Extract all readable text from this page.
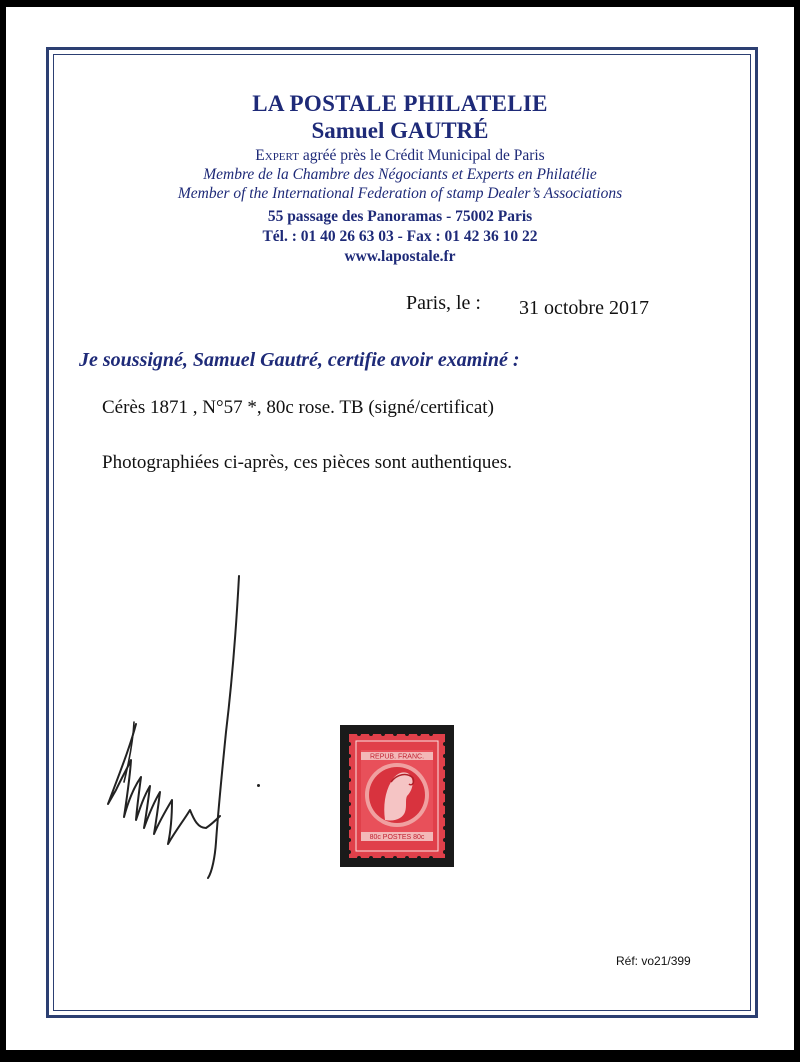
LA POSTALE PHILATELIE
Samuel GAUTRÉ
Expert agréé près le Crédit Municipal de Paris
Membre de la Chambre des Négociants et Experts en Philatélie
Member of the International Federation of stamp Dealer’s Associations
55 passage des Panoramas - 75002 Paris
Tél. : 01 40 26 63 03 - Fax : 01 42 36 10 22
www.lapostale.fr
Paris, le : 31 octobre 2017
Je soussigné, Samuel Gautré, certifie avoir examiné :
Cérès 1871 , N°57 *, 80c rose. TB (signé/certificat)
Photographiées ci-après, ces pièces sont authentiques.
REPUB. FRANC.
80c POSTES 80c
Réf: vo21/399
